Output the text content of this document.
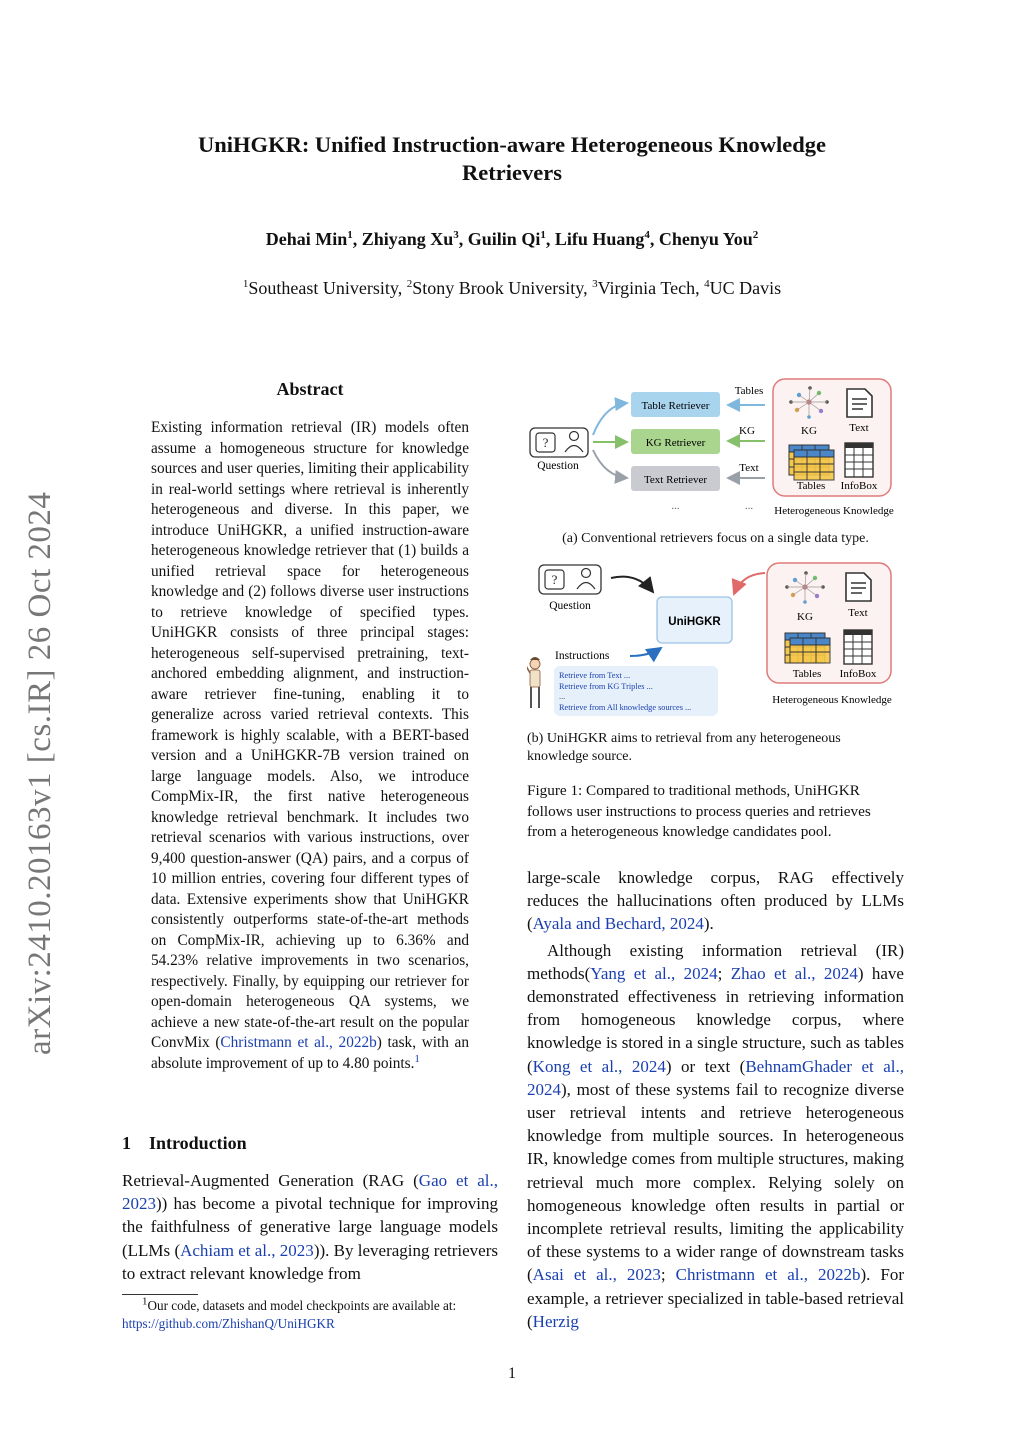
UniHGKR: Unified Instruction-aware Heterogeneous Knowledge
Retrievers
Dehai Min$^1$, Zhiyang Xu$^3$, Guilin Qi$^1$, Lifu Huang$^4$, Chenyu You$^2$
$^1$Southeast University, $^2$Stony Brook University, $^3$Virginia Tech, $^4$UC Davis
arXiv:2410.20163v1 [cs.IR] 26 Oct 2024
Abstract
Existing information retrieval (IR) models often assume a homogeneous structure for knowledge sources and user queries, limiting their applicability in real-world settings where retrieval is inherently heterogeneous and diverse. In this paper, we introduce UniHGKR, a unified instruction-aware heterogeneous knowledge retriever that (1) builds a unified retrieval space for heterogeneous knowledge and (2) follows diverse user instructions to retrieve knowledge of specified types. UniHGKR consists of three principal stages: heterogeneous self-supervised pretraining, text-anchored embedding alignment, and instruction-aware retriever fine-tuning, enabling it to generalize across varied retrieval contexts. This framework is highly scalable, with a BERT-based version and a UniHGKR-7B version trained on large language models. Also, we introduce CompMix-IR, the first native heterogeneous knowledge retrieval benchmark. It includes two retrieval scenarios with various instructions, over 9,400 question-answer (QA) pairs, and a corpus of 10 million entries, covering four different types of data. Extensive experiments show that UniHGKR consistently outperforms state-of-the-art methods on CompMix-IR, achieving up to 6.36% and 54.23% relative improvements in two scenarios, respectively. Finally, by equipping our retriever for open-domain heterogeneous QA systems, we achieve a new state-of-the-art result on the popular ConvMix (Christmann et al., 2022b) task, with an absolute improvement of up to 4.80 points.$^1$
1 Introduction
Retrieval-Augmented Generation (RAG (Gao et al., 2023)) has become a pivotal technique for improving the faithfulness of generative large language models (LLMs (Achiam et al., 2023)). By leveraging retrievers to extract relevant knowledge from
$^1$Our code, datasets and model checkpoints are available at: https://github.com/ZhishanQ/UniHGKR
1
?
Question
Table Retriever
KG Retriever
Text Retriever
...
Tables
KG
Text
...
KG	Text
Tables InfoBox
Heterogeneous Knowledge
(a) Conventional retrievers focus on a single data type.
?
Question
UniHGKR
Instructions
Retrieve from Text ...
Retrieve from KG Triples ...
...
Retrieve from All knowledge sources ...
KG	Text
Tables InfoBox
Heterogeneous Knowledge
(b) UniHGKR aims to retrieval from any heterogeneous knowledge source.
Figure 1: Compared to traditional methods, UniHGKR follows user instructions to process queries and retrieves from a heterogeneous knowledge candidates pool.
large-scale knowledge corpus, RAG effectively reduces the hallucinations often produced by LLMs (Ayala and Bechard, 2024).
Although existing information retrieval (IR) methods(Yang et al., 2024; Zhao et al., 2024) have demonstrated effectiveness in retrieving information from homogeneous knowledge corpus, where knowledge is stored in a single structure, such as tables (Kong et al., 2024) or text (BehnamGhader et al., 2024), most of these systems fail to recognize diverse user retrieval intents and retrieve heterogeneous knowledge from multiple sources. In heterogeneous IR, knowledge comes from multiple structures, making retrieval much more complex. Relying solely on homogeneous knowledge often results in partial or incomplete retrieval results, limiting the applicability of these systems to a wider range of downstream tasks (Asai et al., 2023; Christmann et al., 2022b). For example, a retriever specialized in table-based retrieval (Herzig
